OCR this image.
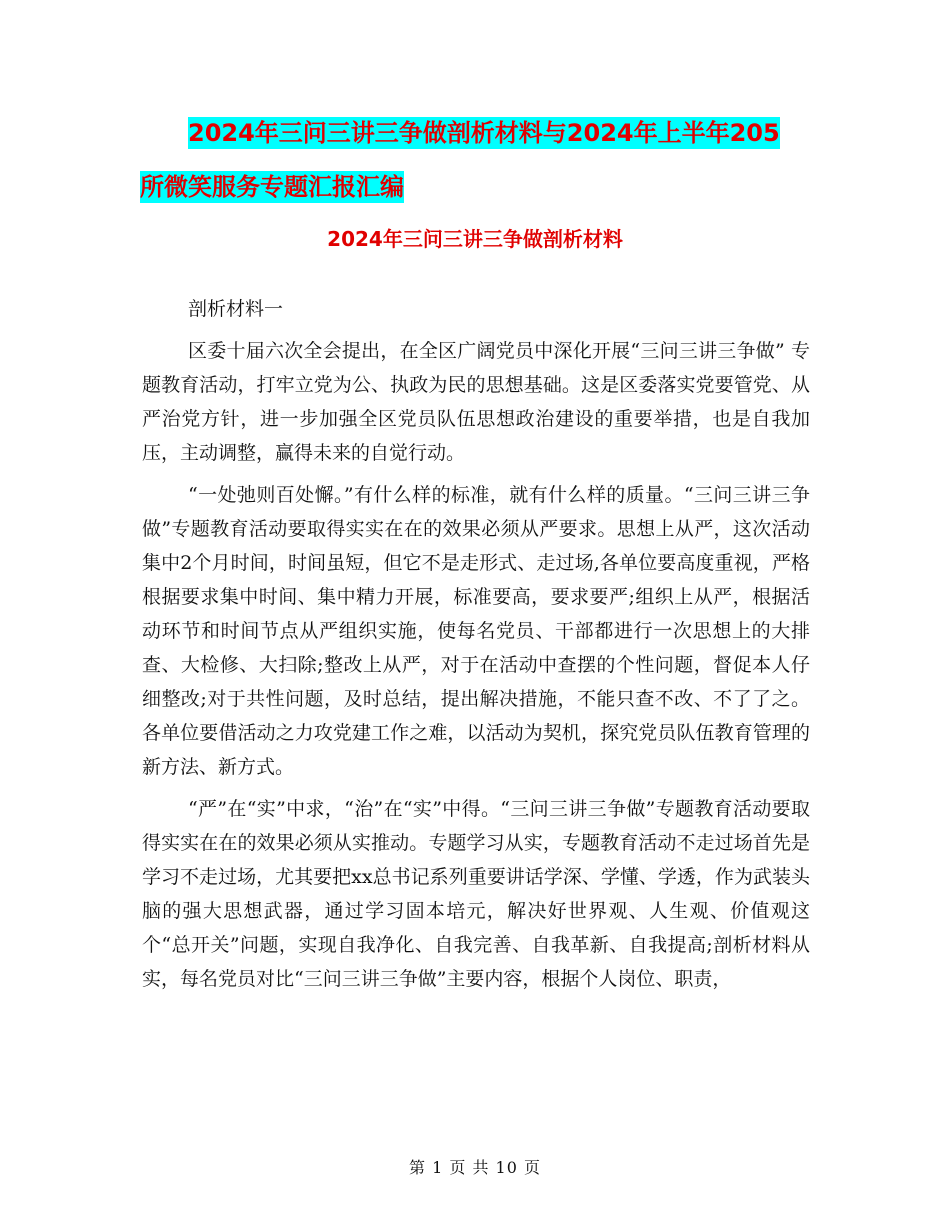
2024年三问三讲三争做剖析材料与2024年上半年205
所微笑服务专题汇报汇编
2024年三问三讲三争做剖析材料

剖析材料一

区委十届六次全会提出，在全区广阔党员中深化开展“三问三讲三争做” 专题教育活动，打牢立党为公、执政为民的思想基础。这是区委落实党要管党、从严治党方针，进一步加强全区党员队伍思想政治建设的重要举措，也是自我加压，主动调整，赢得未来的自觉行动。

“一处弛则百处懈。”有什么样的标准，就有什么样的质量。“三问三讲三争做”专题教育活动要取得实实在在的效果必须从严要求。思想上从严，这次活动集中2个月时间，时间虽短，但它不是走形式、走过场,各单位要高度重视，严格根据要求集中时间、集中精力开展，标准要高，要求要严;组织上从严，根据活动环节和时间节点从严组织实施，使每名党员、干部都进行一次思想上的大排查、大检修、大扫除;整改上从严，对于在活动中查摆的个性问题，督促本人仔细整改;对于共性问题，及时总结，提出解决措施，不能只查不改、不了了之。各单位要借活动之力攻党建工作之难，以活动为契机，探究党员队伍教育管理的新方法、新方式。

“严”在“实”中求，“治”在“实”中得。“三问三讲三争做”专题教育活动要取得实实在在的效果必须从实推动。专题学习从实，专题教育活动不走过场首先是学习不走过场，尤其要把xx总书记系列重要讲话学深、学懂、学透，作为武装头脑的强大思想武器，通过学习固本培元，解决好世界观、人生观、价值观这个“总开关”问题，实现自我净化、自我完善、自我革新、自我提高;剖析材料从实，每名党员对比“三问三讲三争做”主要内容，根据个人岗位、职责，

第 1 页 共 10 页
